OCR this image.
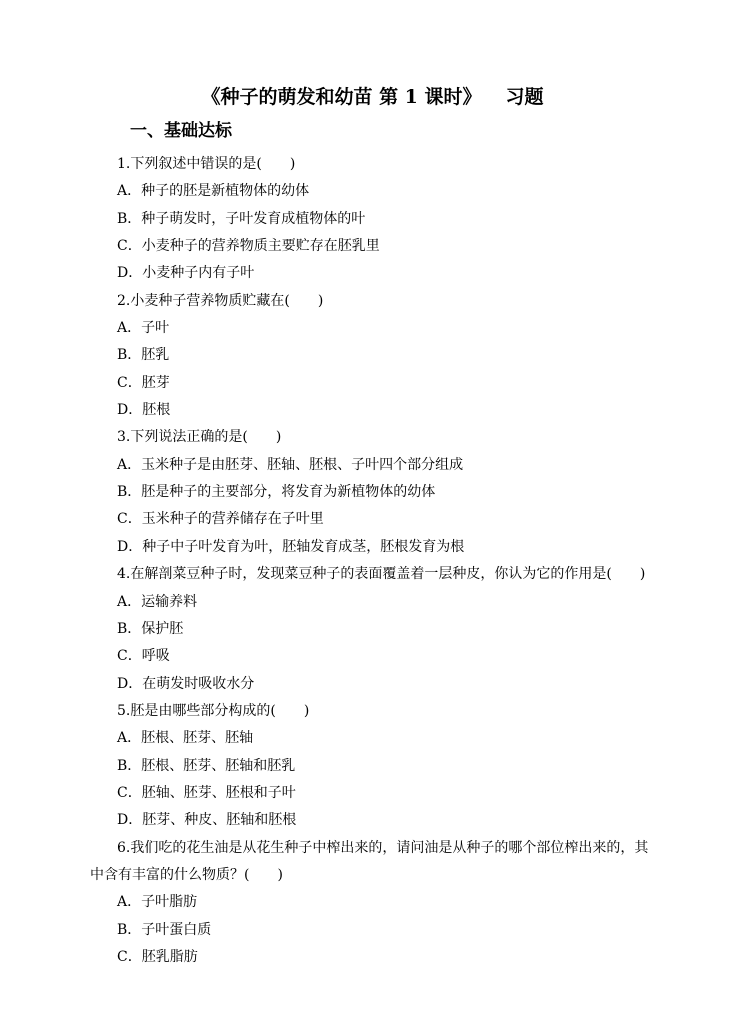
《种子的萌发和幼苗 第 1 课时》 习题
一、基础达标
1.下列叙述中错误的是(　　)
A．种子的胚是新植物体的幼体
B．种子萌发时，子叶发育成植物体的叶
C．小麦种子的营养物质主要贮存在胚乳里
D．小麦种子内有子叶
2.小麦种子营养物质贮藏在(　　)
A．子叶
B．胚乳
C．胚芽
D．胚根
3.下列说法正确的是(　　)
A．玉米种子是由胚芽、胚轴、胚根、子叶四个部分组成
B．胚是种子的主要部分，将发育为新植物体的幼体
C．玉米种子的营养储存在子叶里
D．种子中子叶发育为叶，胚轴发育成茎，胚根发育为根
4.在解剖菜豆种子时，发现菜豆种子的表面覆盖着一层种皮，你认为它的作用是(　　)
A．运输养料
B．保护胚
C．呼吸
D．在萌发时吸收水分
5.胚是由哪些部分构成的(　　)
A．胚根、胚芽、胚轴
B．胚根、胚芽、胚轴和胚乳
C．胚轴、胚芽、胚根和子叶
D．胚芽、种皮、胚轴和胚根
6.我们吃的花生油是从花生种子中榨出来的，请问油是从种子的哪个部位榨出来的，其中含有丰富的什么物质？(　　)
A．子叶脂肪
B．子叶蛋白质
C．胚乳脂肪
